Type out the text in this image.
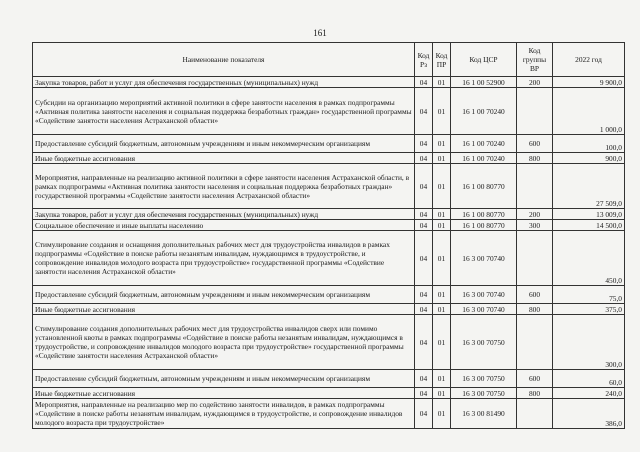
161
Наименование показателя	Код Рз	Код ПР	Код ЦСР	Код группы ВР	2022 год
Закупка товаров, работ и услуг для обеспечения государственных (муниципальных) нужд	04	01	16 1 00 52900	200	9 900,0
Субсидии на организацию мероприятий активной политики в сфере занятости населения в рамках подпрограммы «Активная политика занятости населения и социальная поддержка безработных граждан» государственной программы «Содействие занятости населения Астраханской области»	04	01	16 1 00 70240		1 000,0
Предоставление субсидий бюджетным, автономным учреждениям и иным некоммерческим организациям	04	01	16 1 00 70240	600	100,0
Иные бюджетные ассигнования	04	01	16 1 00 70240	800	900,0
Мероприятия, направленные на реализацию активной политики в сфере занятости населения Астраханской области, в рамках подпрограммы «Активная политика занятости населения и социальная поддержка безработных граждан» государственной программы «Содействие занятости населения Астраханской области»	04	01	16 1 00 80770		27 509,0
Закупка товаров, работ и услуг для обеспечения государственных (муниципальных) нужд	04	01	16 1 00 80770	200	13 009,0
Социальное обеспечение и иные выплаты населению	04	01	16 1 00 80770	300	14 500,0
Стимулирование создания и оснащения дополнительных рабочих мест для трудоустройства инвалидов в рамках подпрограммы «Содействие в поиске работы незанятым инвалидам, нуждающимся в трудоустройстве, и сопровождение инвалидов молодого возраста при трудоустройстве» государственной программы «Содействие занятости населения Астраханской области»	04	01	16 3 00 70740		450,0
Предоставление субсидий бюджетным, автономным учреждениям и иным некоммерческим организациям	04	01	16 3 00 70740	600	75,0
Иные бюджетные ассигнования	04	01	16 3 00 70740	800	375,0
Стимулирование создания дополнительных рабочих мест для трудоустройства инвалидов сверх или помимо установленной квоты в рамках подпрограммы «Содействие в поиске работы незанятым инвалидам, нуждающимся в трудоустройстве, и сопровождение инвалидов молодого возраста при трудоустройстве» государственной программы «Содействие занятости населения Астраханской области»	04	01	16 3 00 70750		300,0
Предоставление субсидий бюджетным, автономным учреждениям и иным некоммерческим организациям	04	01	16 3 00 70750	600	60,0
Иные бюджетные ассигнования	04	01	16 3 00 70750	800	240,0
Мероприятия, направленные на реализацию мер по содействию занятости инвалидов, в рамках подпрограммы «Содействие в поиске работы незанятым инвалидам, нуждающимся в трудоустройстве, и сопровождение инвалидов молодого возраста при трудоустройстве»	04	01	16 3 00 81490		386,0
